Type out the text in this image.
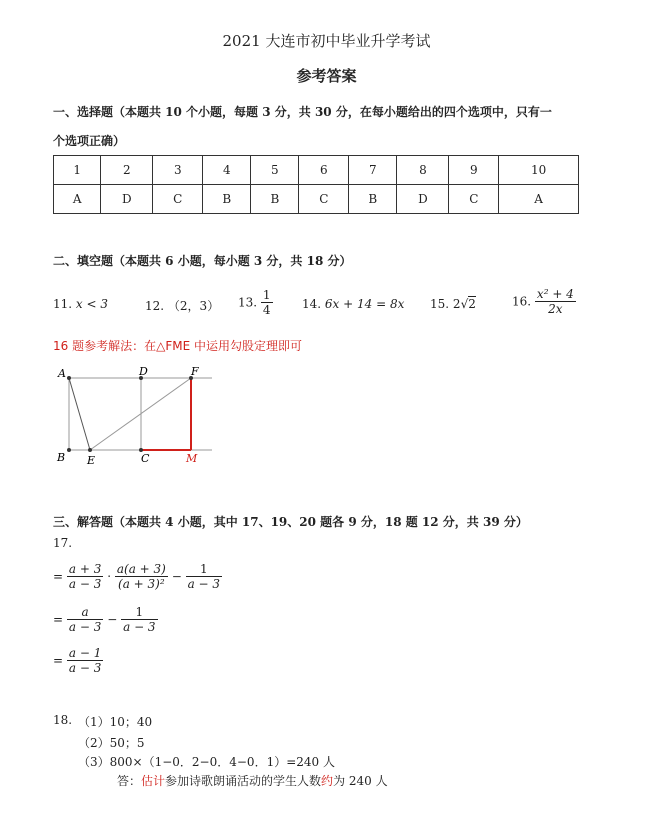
2021 大连市初中毕业升学考试
参考答案
一、选择题（本题共 10 个小题，每题 3 分，共 30 分，在每小题给出的四个选项中，只有一
个选项正确）
1	2	3	4	5	6	7	8	9	10
A	D	C	B	B	C	B	D	C	A
二、填空题（本题共 6 小题，每小题 3 分，共 18 分）
11. x < 3	12. （2，3） 13. $\frac{1}{4} 14$. 6x + 14 = 8x 15. 2√2	16. $\frac{\text{x² + 4}}{2x}$
16 题参考解法：在△FME 中运用勾股定理即可
A	D	F
B E	C	M
三、解答题（本题共 4 小题，其中 17、19、20 题各 9 分，18 题 12 分，共 39 分）
17.
= $\frac{a + 3}{a - 3} \cdot \frac{a(a + 3)}{\text{(a + 3)²}} - \frac{1}{a - 3}$
= $\frac{a}{a - 3} - \frac{1}{a - 3}$
= $\frac{a - 1}{a - 3}$
18. （1）10；40
（2）50；5
（3）800×（1−0．2−0．4−0．1）=240 人
答：估计参加诗歌朗诵活动的学生人数约为 240 人
